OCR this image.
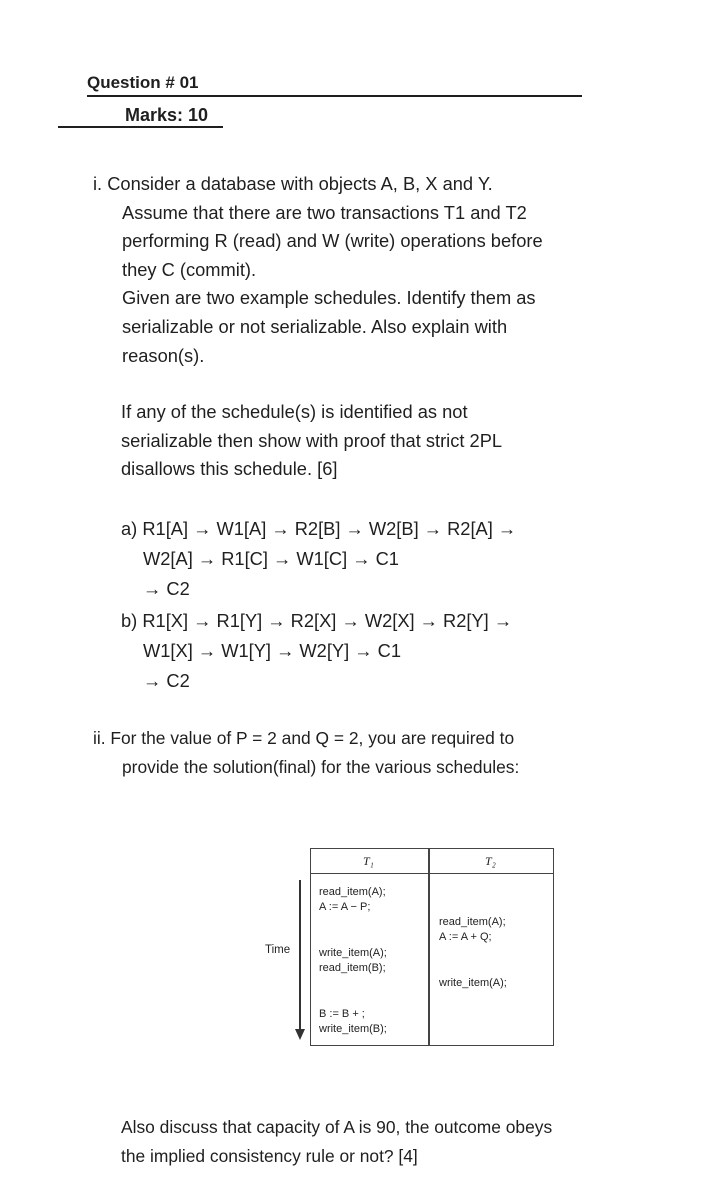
Question # 01
Marks: 10
i. Consider a database with objects A, B, X and Y.
Assume that there are two transactions T1 and T2
performing R (read) and W (write) operations before
they C (commit).
Given are two example schedules. Identify them as
serializable or not serializable. Also explain with
reason(s).
If any of the schedule(s) is identified as not
serializable then show with proof that strict 2PL
disallows this schedule. [6]
a) R1[A] → W1[A] → R2[B] → W2[B] → R2[A] →
W2[A] → R1[C] → W1[C] → C1
→ C2
b) R1[X] → R1[Y] → R2[X] → W2[X] → R2[Y] →
W1[X] → W1[Y] → W2[Y] → C1
→ C2
ii. For the value of P = 2 and Q = 2, you are required to
provide the solution(final) for the various schedules:
Time
T₁	T₂
read_item(A);
A := A − P;
write_item(A);
read_item(B);
B := B + ;
write_item(B);
read_item(A);
A := A + Q;
write_item(A);
Also discuss that capacity of A is 90, the outcome obeys
the implied consistency rule or not? [4]
